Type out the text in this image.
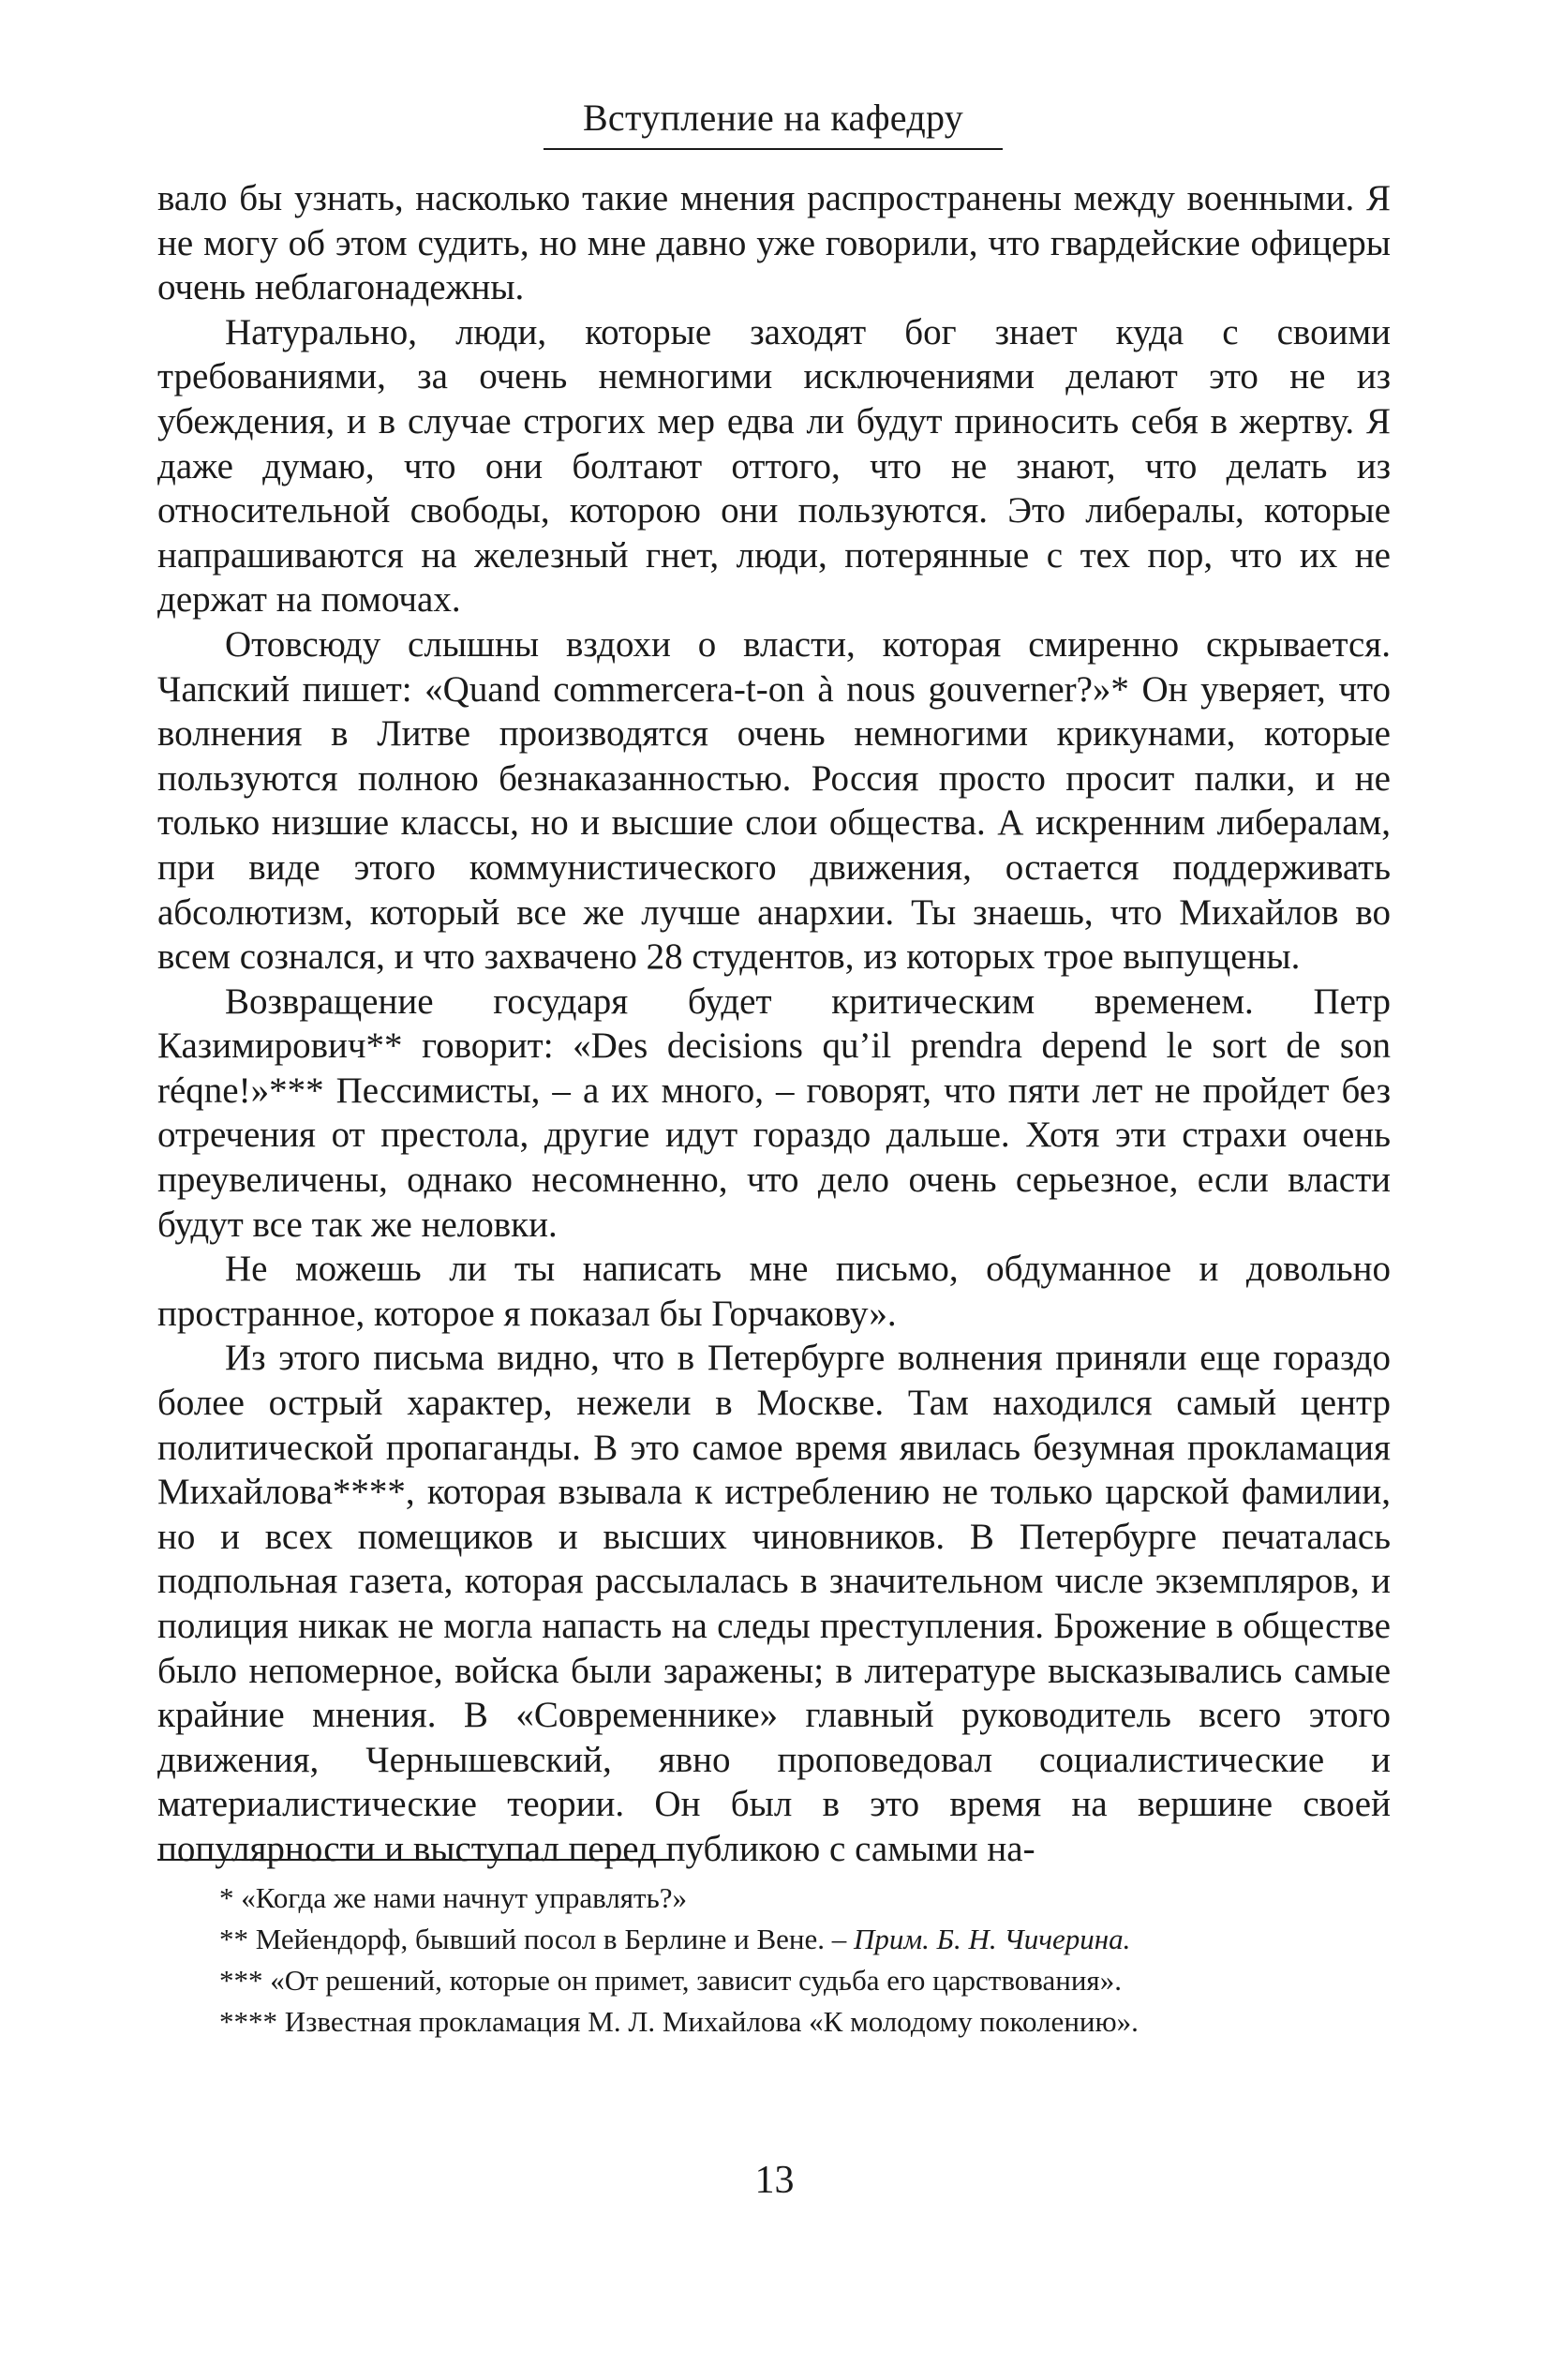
Вступление на кафедру

вало бы узнать, насколько такие мнения распространены между военными. Я не могу об этом судить, но мне давно уже говорили, что гвардейские офицеры очень неблагонадежны.

Натурально, люди, которые заходят бог знает куда с своими требованиями, за очень немногими исключениями делают это не из убеждения, и в случае строгих мер едва ли будут приносить себя в жертву. Я даже думаю, что они болтают оттого, что не знают, что делать из относительной свободы, которою они пользуются. Это либералы, которые напрашиваются на железный гнет, люди, потерянные с тех пор, что их не держат на помочах.

Отовсюду слышны вздохи о власти, которая смиренно скрывается. Чапский пишет: «Quand commercera-t-on à nous gouverner?»* Он уверяет, что волнения в Литве производятся очень немногими крикунами, которые пользуются полною безнаказанностью. Россия просто просит палки, и не только низшие классы, но и высшие слои общества. А искренним либералам, при виде этого коммунистического движения, остается поддерживать абсолютизм, который все же лучше анархии. Ты знаешь, что Михайлов во всем сознался, и что захвачено 28 студентов, из которых трое выпущены.

Возвращение государя будет критическим временем. Петр Казимирович** говорит: «Des decisions qu’il prendra depend le sort de son réqne!»*** Пессимисты, – а их много, – говорят, что пяти лет не пройдет без отречения от престола, другие идут гораздо дальше. Хотя эти страхи очень преувеличены, однако несомненно, что дело очень серьезное, если власти будут все так же неловки.

Не можешь ли ты написать мне письмо, обдуманное и довольно пространное, которое я показал бы Горчакову».

Из этого письма видно, что в Петербурге волнения приняли еще гораздо более острый характер, нежели в Москве. Там находился самый центр политической пропаганды. В это самое время явилась безумная прокламация Михайлова****, которая взывала к истреблению не только царской фамилии, но и всех помещиков и высших чиновников. В Петербурге печаталась подпольная газета, которая рассылалась в значительном числе экземпляров, и полиция никак не могла напасть на следы преступления. Брожение в обществе было непомерное, войска были заражены; в литературе высказывались самые крайние мнения. В «Современнике» главный руководитель всего этого движения, Чернышевский, явно проповедовал социалистические и материалистические теории. Он был в это время на вершине своей популярности и выступал перед публикою с самыми на-

* «Когда же нами начнут управлять?»

** Мейендорф, бывший посол в Берлине и Вене. – Прим. Б. Н. Чичерина.

*** «От решений, которые он примет, зависит судьба его царствования».

**** Известная прокламация М. Л. Михайлова «К молодому поколению».

13
